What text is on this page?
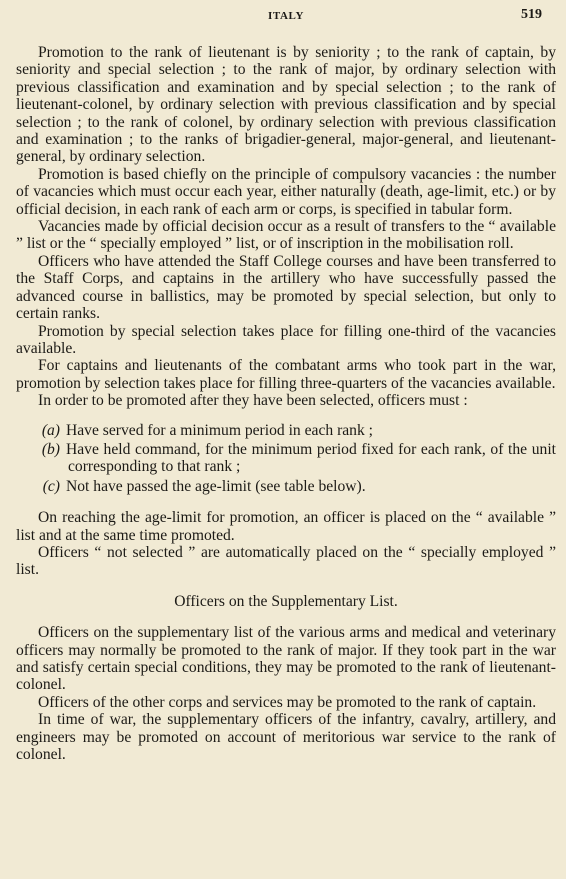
ITALY	519

Promotion to the rank of lieutenant is by seniority ; to the rank of captain, by seniority and special selection ; to the rank of major, by ordinary selection with previous classification and examination and by special selection ; to the rank of lieutenant-colonel, by ordinary selection with previous classification and by special selection ; to the rank of colonel, by ordinary selection with previous classification and examination ; to the ranks of brigadier-general, major-general, and lieutenant-general, by ordinary selection.

Promotion is based chiefly on the principle of compulsory vacancies : the number of vacancies which must occur each year, either naturally (death, age-limit, etc.) or by official decision, in each rank of each arm or corps, is specified in tabular form.

Vacancies made by official decision occur as a result of transfers to the “ available ” list or the “ specially employed ” list, or of inscription in the mobilisation roll.

Officers who have attended the Staff College courses and have been transferred to the Staff Corps, and captains in the artillery who have successfully passed the advanced course in ballistics, may be promoted by special selection, but only to certain ranks.

Promotion by special selection takes place for filling one-third of the vacancies available.

For captains and lieutenants of the combatant arms who took part in the war, promotion by selection takes place for filling three-quarters of the vacancies available.

In order to be promoted after they have been selected, officers must :

(a) Have served for a minimum period in each rank ;
(b) Have held command, for the minimum period fixed for each rank, of the unit corresponding to that rank ;
(c) Not have passed the age-limit (see table below).

On reaching the age-limit for promotion, an officer is placed on the “ available ” list and at the same time promoted.

Officers “ not selected ” are automatically placed on the “ specially employed ” list.

Officers on the Supplementary List.

Officers on the supplementary list of the various arms and medical and veterinary officers may normally be promoted to the rank of major. If they took part in the war and satisfy certain special conditions, they may be promoted to the rank of lieutenant-colonel.

Officers of the other corps and services may be promoted to the rank of captain.

In time of war, the supplementary officers of the infantry, cavalry, artillery, and engineers may be promoted on account of meritorious war service to the rank of colonel.
